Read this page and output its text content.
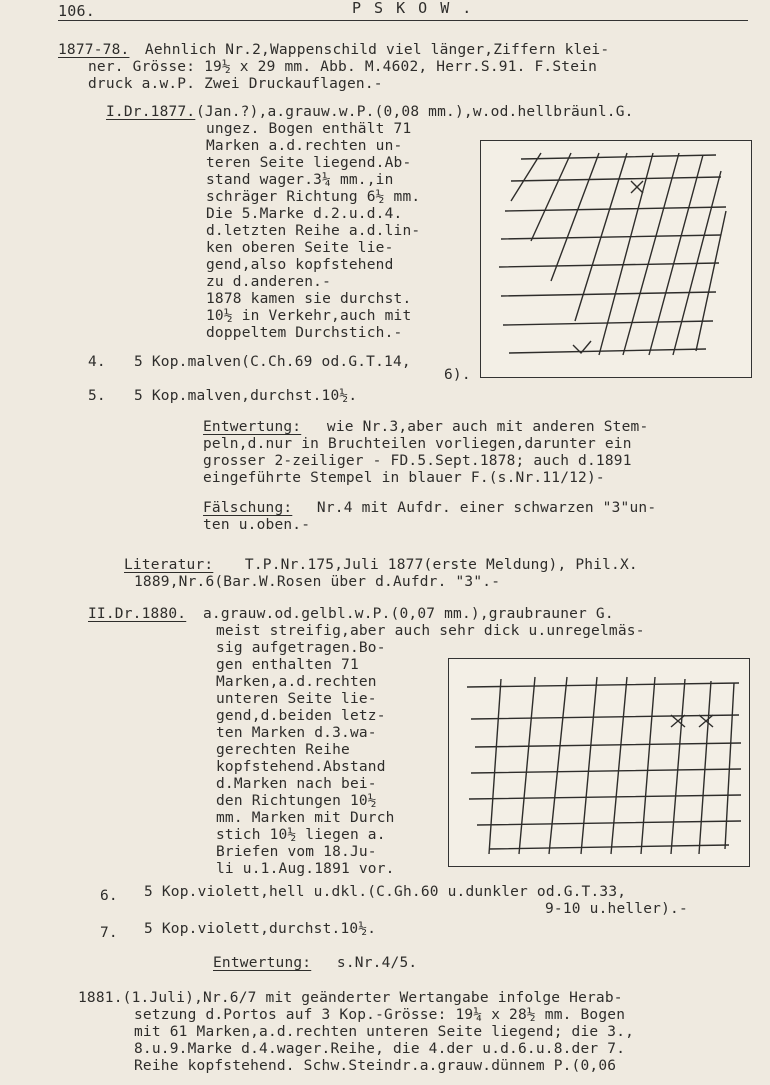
106.	P S K O W .
1877-78. Aehnlich Nr.2,Wappenschild viel länger,Ziffern klei-
ner. Grösse: 19½ x 29 mm. Abb. M.4602, Herr.S.91. F.Stein
druck a.w.P. Zwei Druckauflagen.-
I.Dr.1877. (Jan.?),a.grauw.w.P.(0,08 mm.),w.od.hellbräunl.G.
ungez. Bogen enthält 71
Marken a.d.rechten un-
teren Seite liegend.Ab-
stand wager.3¼ mm.,in
schräger Richtung 6½ mm.
Die 5.Marke d.2.u.d.4.
d.letzten Reihe a.d.lin-
ken oberen Seite lie-
gend,also kopfstehend
zu d.anderen.-
1878 kamen sie durchst.
10½ in Verkehr,auch mit
doppeltem Durchstich.-
4. 5 Kop.malven(C.Ch.69 od.G.T.14,
6).
5. 5 Kop.malven,durchst.10½.
Entwertung: wie Nr.3,aber auch mit anderen Stem-
peln,d.nur in Bruchteilen vorliegen,darunter ein
grosser 2-zeiliger - FD.5.Sept.1878; auch d.1891
eingeführte Stempel in blauer F.(s.Nr.11/12)-
Fälschung: Nr.4 mit Aufdr. einer schwarzen "3"un-
ten u.oben.-
Literatur: T.P.Nr.175,Juli 1877(erste Meldung), Phil.X.
1889,Nr.6(Bar.W.Rosen über d.Aufdr. "3".-
II.Dr.1880. a.grauw.od.gelbl.w.P.(0,07 mm.),graubrauner G.
meist streifig,aber auch sehr dick u.unregelmäs-
sig aufgetragen.Bo-
gen enthalten 71
Marken,a.d.rechten
unteren Seite lie-
gend,d.beiden letz-
ten Marken d.3.wa-
gerechten Reihe
kopfstehend.Abstand
d.Marken nach bei-
den Richtungen 10½
mm. Marken mit Durch
stich 10½ liegen a.
Briefen vom 18.Ju-
li u.1.Aug.1891 vor.
6. 5 Kop.violett,hell u.dkl.(C.Gh.60 u.dunkler od.G.T.33,
9-10 u.heller).-
7. 5 Kop.violett,durchst.10½.
Entwertung: s.Nr.4/5.
1881.(1.Juli),Nr.6/7 mit geänderter Wertangabe infolge Herab-
setzung d.Portos auf 3 Kop.-Grösse: 19¼ x 28½ mm. Bogen
mit 61 Marken,a.d.rechten unteren Seite liegend; die 3.,
8.u.9.Marke d.4.wager.Reihe, die 4.der u.d.6.u.8.der 7.
Reihe kopfstehend. Schw.Steindr.a.grauw.dünnem P.(0,06
